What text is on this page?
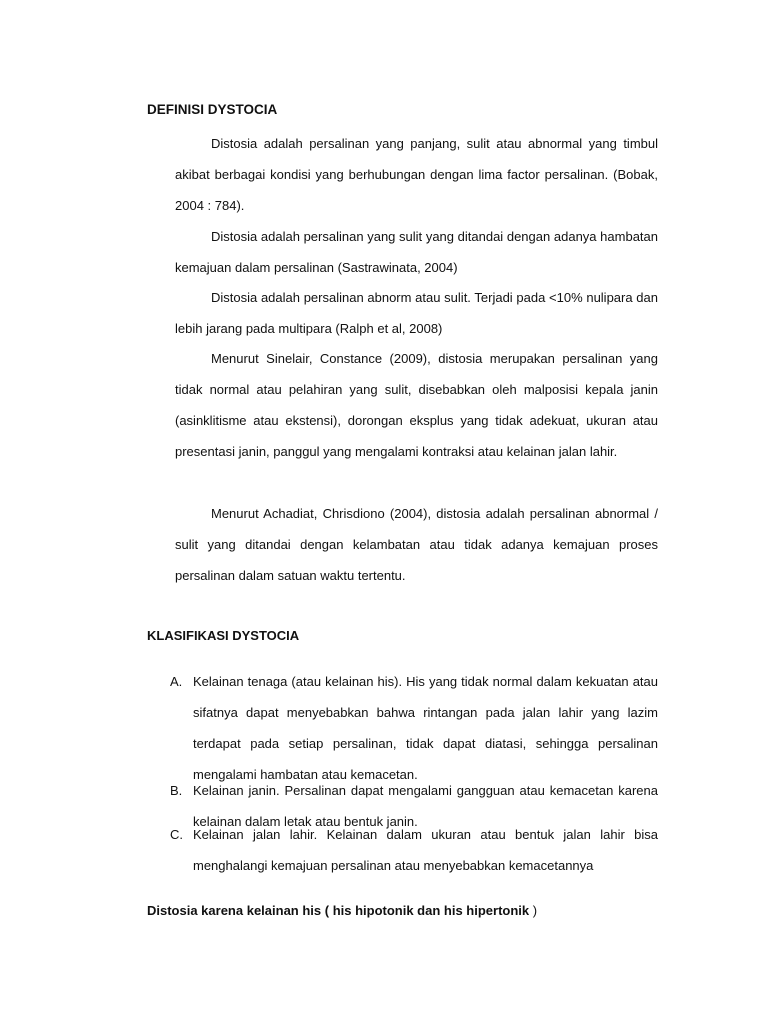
DEFINISI DYSTOCIA

Distosia adalah persalinan yang panjang, sulit atau abnormal yang timbul akibat berbagai kondisi yang berhubungan dengan lima factor persalinan. (Bobak, 2004 : 784).

Distosia adalah persalinan yang sulit yang ditandai dengan adanya hambatan kemajuan dalam persalinan (Sastrawinata, 2004)

Distosia adalah persalinan abnorm atau sulit. Terjadi pada <10% nulipara dan lebih jarang pada multipara (Ralph et al, 2008)

Menurut Sinelair, Constance (2009), distosia merupakan persalinan yang tidak normal atau pelahiran yang sulit, disebabkan oleh malposisi kepala janin (asinklitisme atau ekstensi), dorongan eksplus yang tidak adekuat, ukuran atau presentasi janin, panggul yang mengalami kontraksi atau kelainan jalan lahir.

Menurut Achadiat, Chrisdiono (2004), distosia adalah persalinan abnormal / sulit yang ditandai dengan kelambatan atau tidak adanya kemajuan proses persalinan dalam satuan waktu tertentu.

KLASIFIKASI DYSTOCIA
A. Kelainan tenaga (atau kelainan his). His yang tidak normal dalam kekuatan atau sifatnya dapat menyebabkan bahwa rintangan pada jalan lahir yang lazim terdapat pada setiap persalinan, tidak dapat diatasi, sehingga persalinan mengalami hambatan atau kemacetan.

B. Kelainan janin. Persalinan dapat mengalami gangguan atau kemacetan karena kelainan dalam letak atau bentuk janin.

C. Kelainan jalan lahir. Kelainan dalam ukuran atau bentuk jalan lahir bisa menghalangi kemajuan persalinan atau menyebabkan kemacetannya

Distosia karena kelainan his ( his hipotonik dan his hipertonik )
